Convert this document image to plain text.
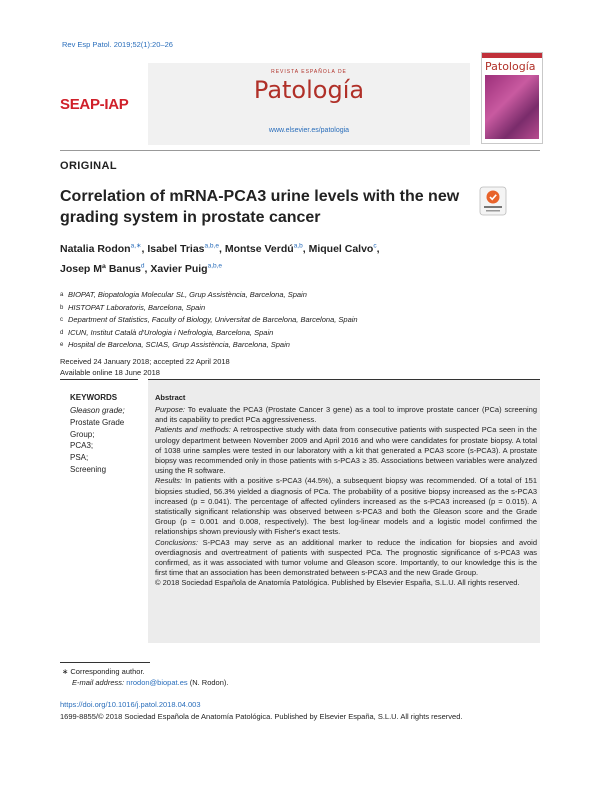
Rev Esp Patol. 2019;52(1):20–26
SEAP-IAP
REVISTA ESPAÑOLA DE
Patología
www.elsevier.es/patologia
Patología
ORIGINAL
Correlation of mRNA-PCA3 urine levels with the new grading system in prostate cancer
Natalia Rodon$^{a,∗}$, Isabel Trias$^{a,b,e}$, Montse Verdú$^{a,b}$, Miquel Calvo$^c$,
Josep Mª Banus$^d$, Xavier Puig$^{a,b,e}$
a BIOPAT, Biopatologia Molecular SL, Grup Assistència, Barcelona, Spain
b HISTOPAT Laboratoris, Barcelona, Spain
c Department of Statistics, Faculty of Biology, Universitat de Barcelona, Barcelona, Spain
d ICUN, Institut Català d'Urologia i Nefrologia, Barcelona, Spain
e Hospital de Barcelona, SCIAS, Grup Assistència, Barcelona, Spain
Received 24 January 2018; accepted 22 April 2018
Available online 18 June 2018
KEYWORDS
Gleason grade;
Prostate Grade Group;
PCA3;
PSA;
Screening
Abstract

Purpose: To evaluate the PCA3 (Prostate Cancer 3 gene) as a tool to improve prostate cancer (PCa) screening and its capability to predict PCa aggressiveness.

Patients and methods: A retrospective study with data from consecutive patients with suspected PCa seen in the urology department between November 2009 and April 2016 and who were candidates for prostate biopsy. A total of 1038 urine samples were tested in our laboratory with a kit that generated a PCA3 score (s-PCA3). A prostate biopsy was recommended only in those patients with s-PCA3 ≥ 35. Associations between variables were analyzed using the R software.

Results: In patients with a positive s-PCA3 (44.5%), a subsequent biopsy was recommended. Of a total of 151 biopsies studied, 56.3% yielded a diagnosis of PCa. The probability of a positive biopsy increased as the s-PCA3 increased (p = 0.041). The percentage of affected cylinders increased as the s-PCA3 increased (p = 0.015). A statistically significant relationship was observed between s-PCA3 and both the Gleason score and the Grade Group (p = 0.001 and 0.008, respectively). The best log-linear models and a logistic model confirmed the relationships shown previously with Fisher's exact tests.

Conclusions: S-PCA3 may serve as an additional marker to reduce the indication for biopsies and avoid overdiagnosis and overtreatment of patients with suspected PCa. The prognostic significance of s-PCA3 was confirmed, as it was associated with tumor volume and Gleason score. Importantly, to our knowledge this is the first time that an association has been demonstrated between s-PCA3 and the new Grade Group.

© 2018 Sociedad Española de Anatomía Patológica. Published by Elsevier España, S.L.U. All rights reserved.

∗ Corresponding author.
E-mail address: nrodon@biopat.es (N. Rodon).
https://doi.org/10.1016/j.patol.2018.04.003
1699-8855/© 2018 Sociedad Española de Anatomía Patológica. Published by Elsevier España, S.L.U. All rights reserved.
